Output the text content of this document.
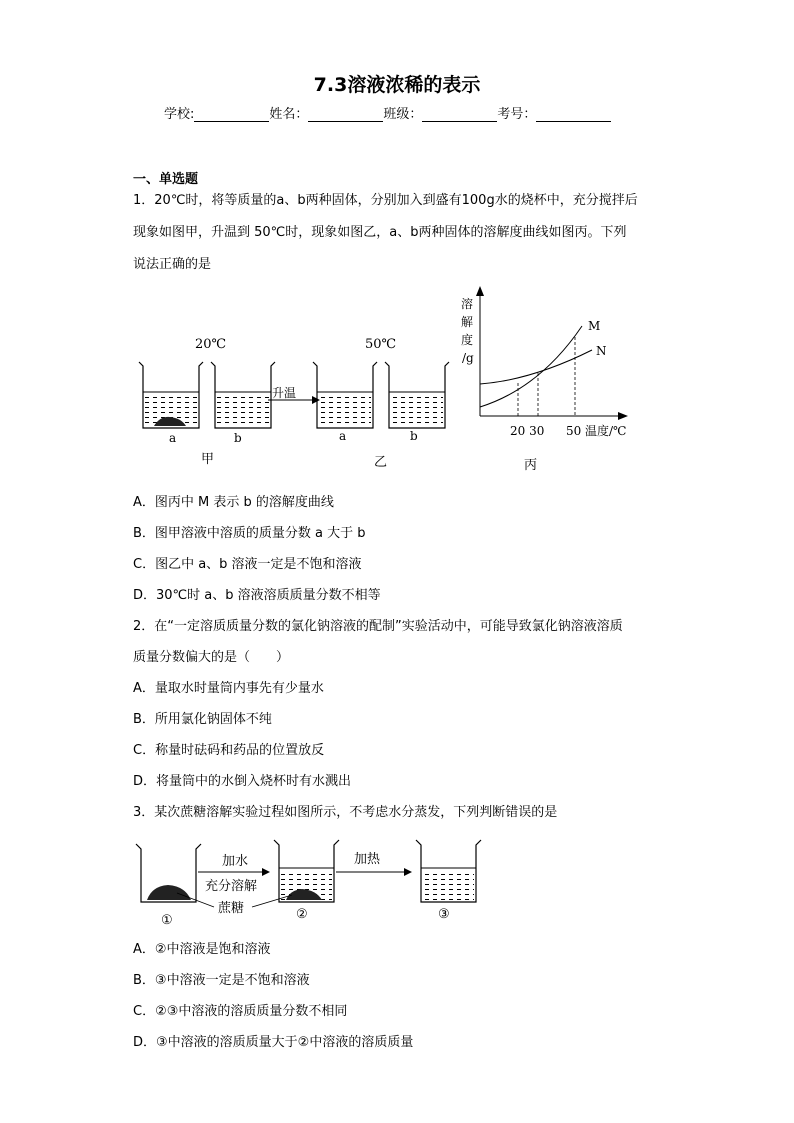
7.3溶液浓稀的表示
学校:	姓名：	班级：	考号：
一、单选题
1．20℃时，将等质量的a、b两种固体，分别加入到盛有100g水的烧杯中，充分搅拌后
现象如图甲，升温到 50℃时，现象如图乙，a、b两种固体的溶解度曲线如图丙。下列
说法正确的是
20℃	50℃
升温
a	b	a	b
甲	乙	丙
溶
解
度
/g
M
N
20 30 50 温度/℃
A．图丙中 M 表示 b 的溶解度曲线
B．图甲溶液中溶质的质量分数 a 大于 b
C．图乙中 a、b 溶液一定是不饱和溶液
D．30℃时 a、b 溶液溶质质量分数不相等
2．在“一定溶质质量分数的氯化钠溶液的配制”实验活动中，可能导致氯化钠溶液溶质
质量分数偏大的是（　　）
A．量取水时量筒内事先有少量水
B．所用氯化钠固体不纯
C．称量时砝码和药品的位置放反
D．将量筒中的水倒入烧杯时有水溅出
3．某次蔗糖溶解实验过程如图所示，不考虑水分蒸发，下列判断错误的是
加水
充分溶解
加热
蔗糖
①	②	③
A．②中溶液是饱和溶液
B．③中溶液一定是不饱和溶液
C．②③中溶液的溶质质量分数不相同
D．③中溶液的溶质质量大于②中溶液的溶质质量
